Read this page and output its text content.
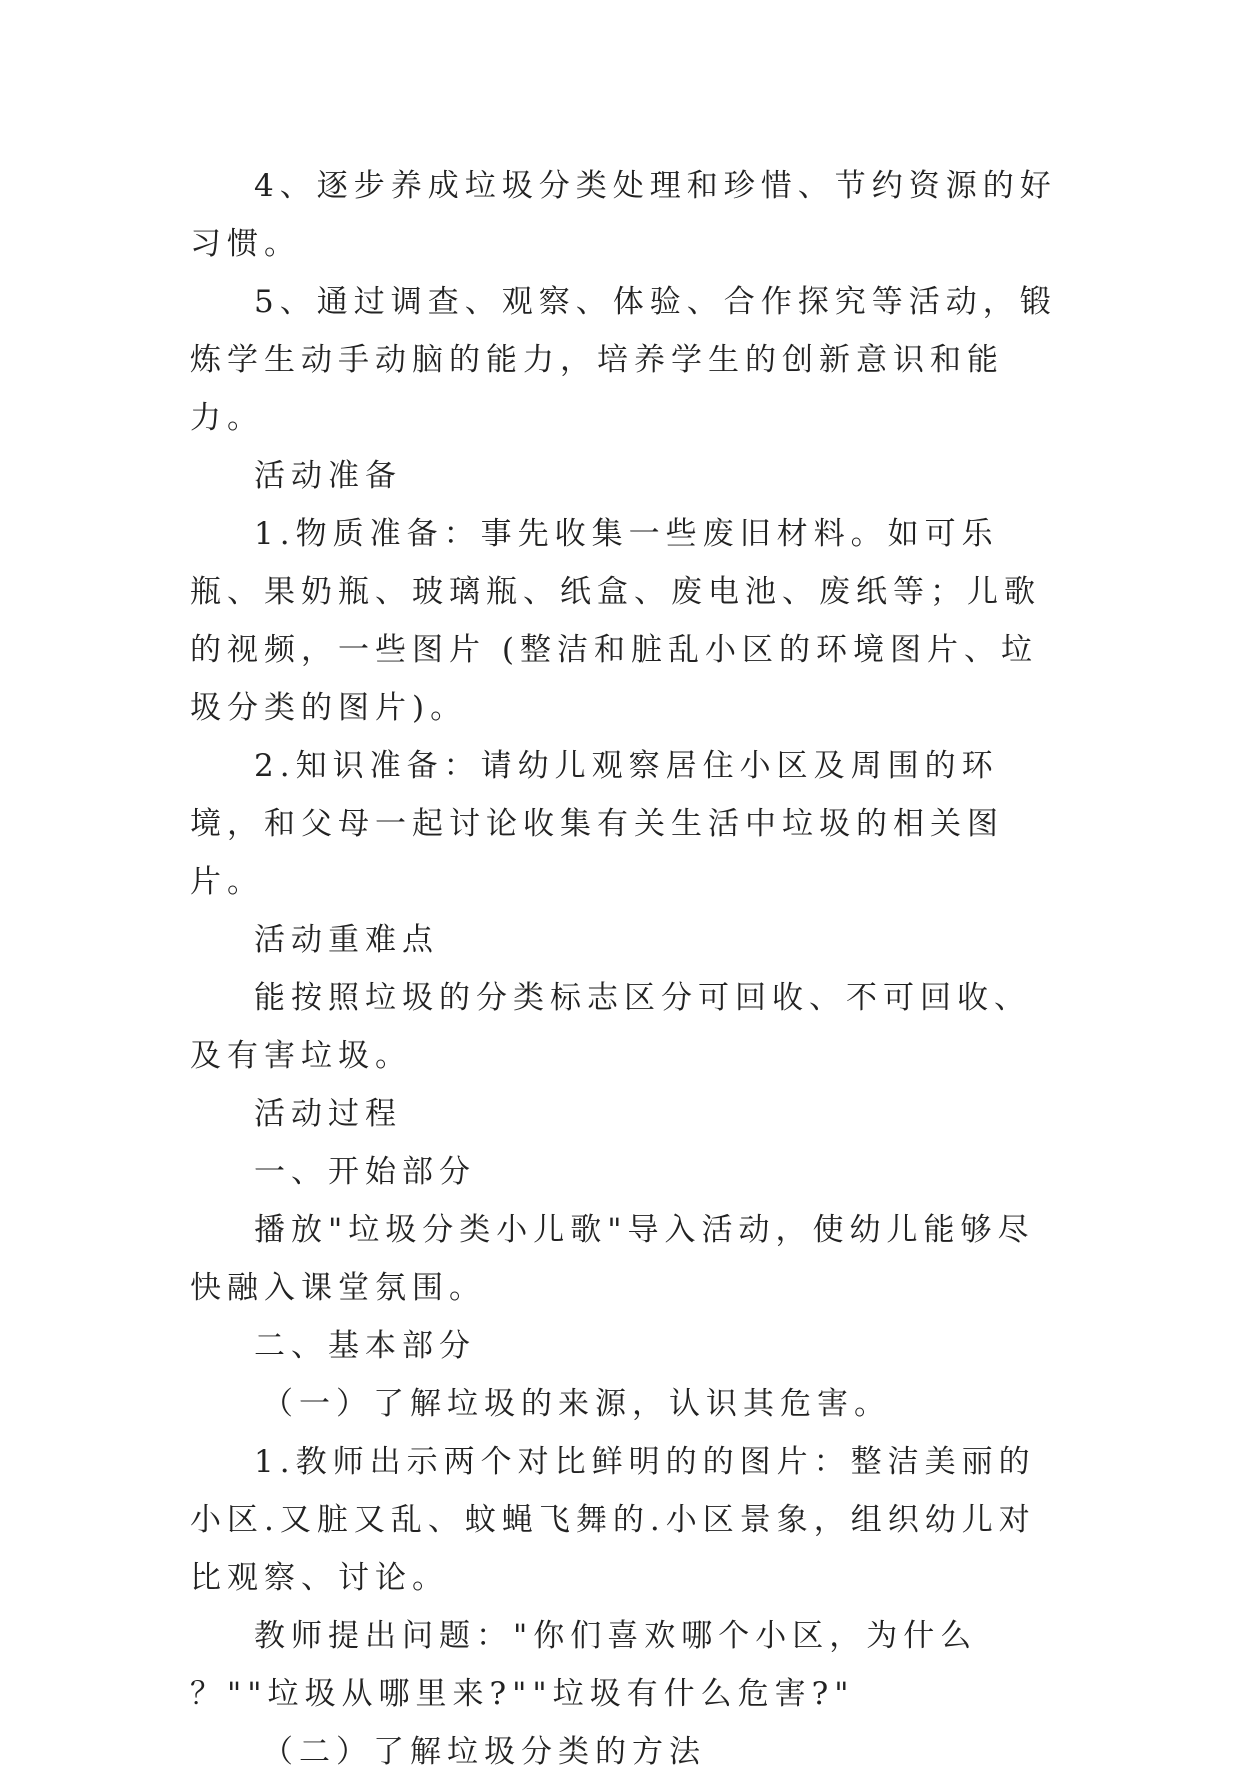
4、逐步养成垃圾分类处理和珍惜、节约资源的好习惯。

5、通过调查、观察、体验、合作探究等活动，锻炼学生动手动脑的能力，培养学生的创新意识和能力。

活动准备

1.物质准备：事先收集一些废旧材料。如可乐瓶、果奶瓶、玻璃瓶、纸盒、废电池、废纸等；儿歌的视频，一些图片 (整洁和脏乱小区的环境图片、垃圾分类的图片)。

2.知识准备：请幼儿观察居住小区及周围的环境，和父母一起讨论收集有关生活中垃圾的相关图片。

活动重难点

能按照垃圾的分类标志区分可回收、不可回收、及有害垃圾。

活动过程

一、开始部分

播放"垃圾分类小儿歌"导入活动，使幼儿能够尽快融入课堂氛围。

二、基本部分

（一）了解垃圾的来源，认识其危害。

1.教师出示两个对比鲜明的的图片：整洁美丽的小区.又脏又乱、蚊蝇飞舞的.小区景象，组织幼儿对比观察、讨论。

教师提出问题："你们喜欢哪个小区，为什么 ？""垃圾从哪里来?""垃圾有什么危害?"

（二）了解垃圾分类的方法
